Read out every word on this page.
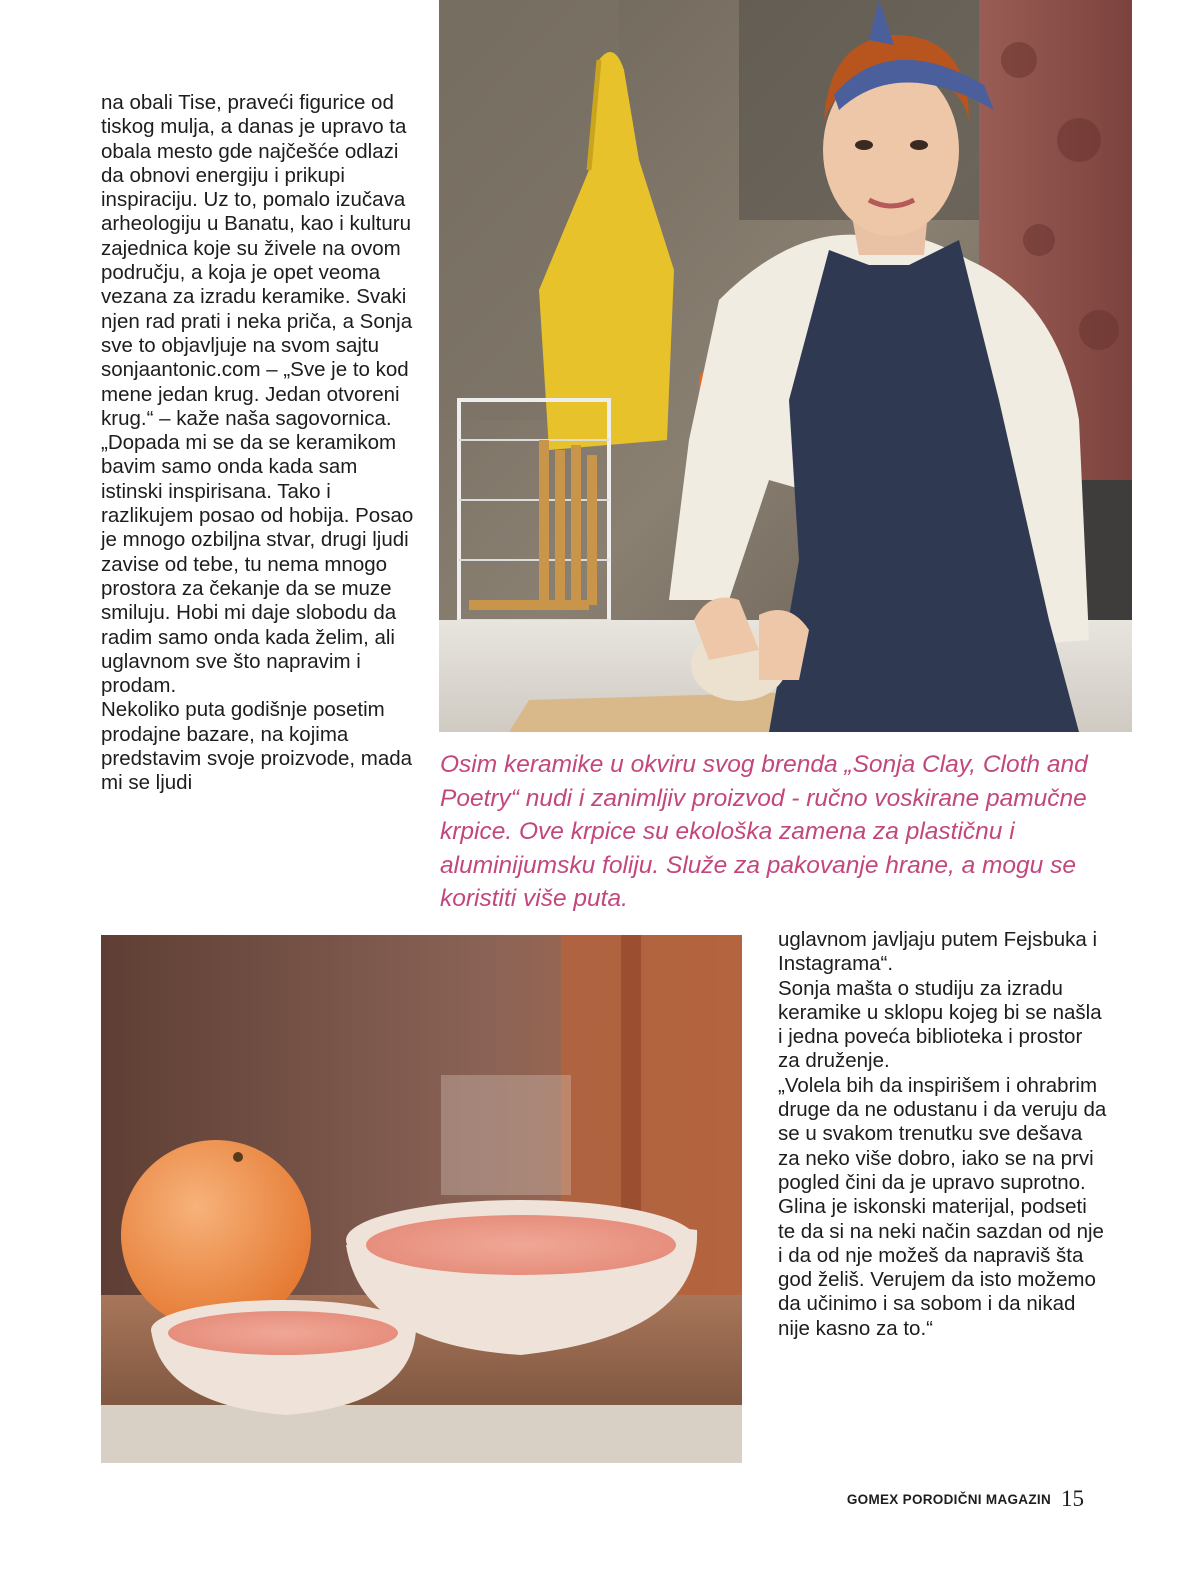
na obali Tise, praveći figurice od tiskog mulja, a danas je upravo ta obala mesto gde najčešće odlazi da obnovi energiju i prikupi inspiraciju. Uz to, pomalo izučava arheologiju u Banatu, kao i kulturu zajednica koje su živele na ovom području, a koja je opet veoma vezana za izradu keramike. Svaki njen rad prati i neka priča, a Sonja sve to objavljuje na svom sajtu sonjaantonic.com – „Sve je to kod mene jedan krug. Jedan otvoreni krug.“ – kaže naša sagovornica.

„Dopada mi se da se keramikom bavim samo onda kada sam istinski inspirisana. Tako i razlikujem posao od hobija. Posao je mnogo ozbiljna stvar, drugi ljudi zavise od tebe, tu nema mnogo prostora za čekanje da se muze smiluju. Hobi mi daje slobodu da radim samo onda kada želim, ali uglavnom sve što napravim i prodam.

Nekoliko puta godišnje posetim prodajne bazare, na kojima predstavim svoje proizvode, mada mi se ljudi

Osim keramike u okviru svog brenda „Sonja Clay, Cloth and Poetry“ nudi i zanimljiv proizvod - ručno voskirane pamučne krpice. Ove krpice su ekološka zamena za plastičnu i aluminijumsku foliju. Služe za pakovanje hrane, a mogu se koristiti više puta.

uglavnom javljaju putem Fejsbuka i Instagrama“.

Sonja mašta o studiju za izradu keramike u sklopu kojeg bi se našla i jedna poveća biblioteka i prostor za druženje.

„Volela bih da inspirišem i ohrabrim druge da ne odustanu i da veruju da se u svakom trenutku sve dešava za neko više dobro, iako se na prvi pogled čini da je upravo suprotno. Glina je iskonski materijal, podseti te da si na neki način sazdan od nje i da od nje možeš da napraviš šta god želiš. Verujem da isto možemo da učinimo i sa sobom i da nikad nije kasno za to.“

GOMEX PORODIČNI MAGAZIN 15
